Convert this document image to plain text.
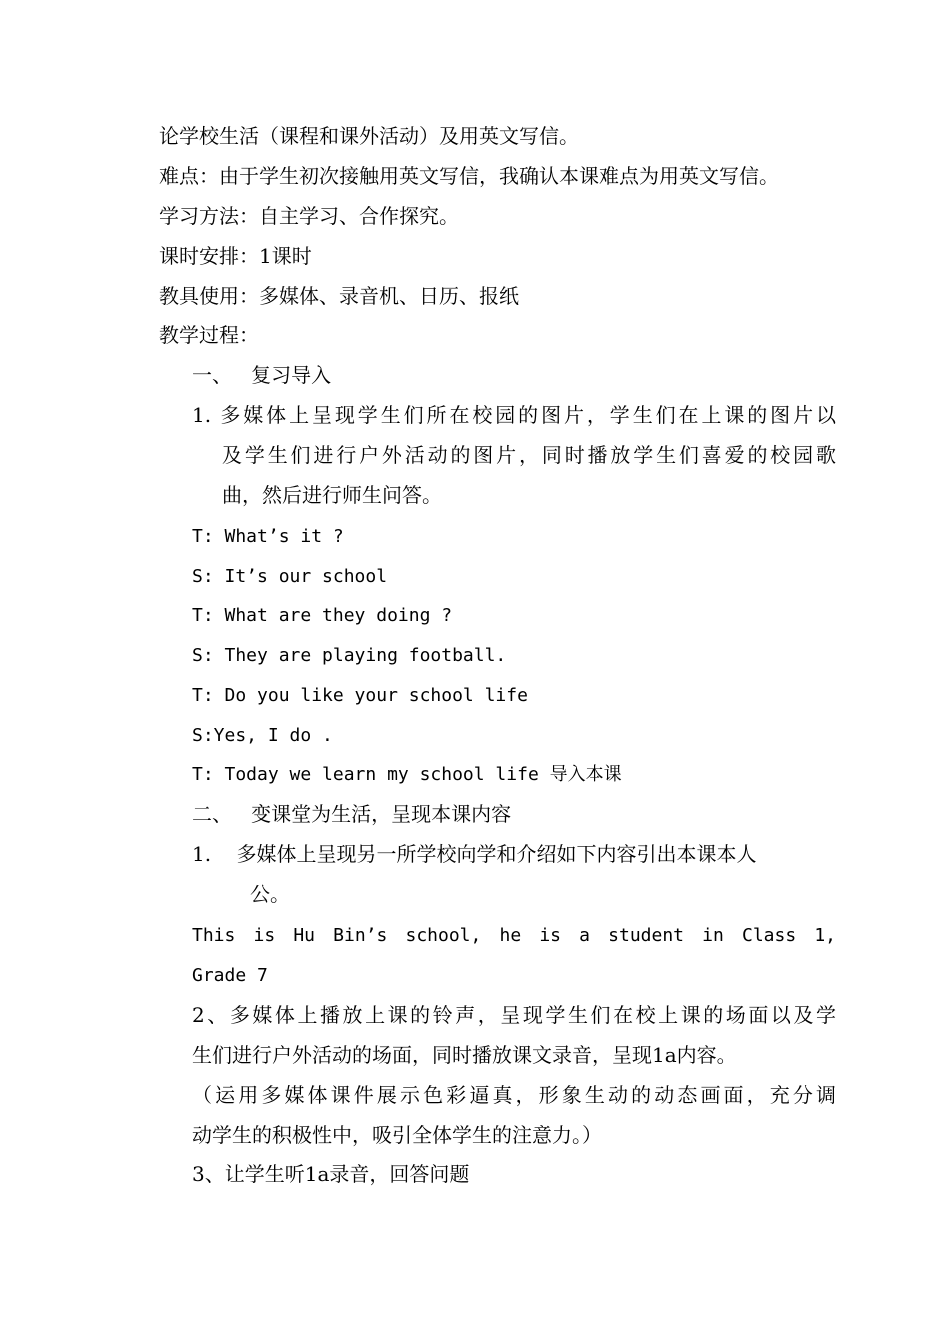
论学校生活（课程和课外活动）及用英文写信。
难点：由于学生初次接触用英文写信，我确认本课难点为用英文写信。
学习方法：自主学习、合作探究。
课时安排：1课时
教具使用：多媒体、录音机、日历、报纸
教学过程：
一、   复习导入
1. 多媒体上呈现学生们所在校园的图片，学生们在上课的图片以
及学生们进行户外活动的图片，同时播放学生们喜爱的校园歌
曲，然后进行师生问答。
T: What’s it ?
S: It’s our school
T: What are they doing ?
S: They are playing football.
T: Do you like your school life
S:Yes, I do .
T: Today we learn my school life 导入本课
二、   变课堂为生活，呈现本课内容
1.    多媒体上呈现另一所学校向学和介绍如下内容引出本课本人
公。
This is Hu Bin’s school, he is a student in Class 1,
Grade 7
2、多媒体上播放上课的铃声，呈现学生们在校上课的场面以及学
生们进行户外活动的场面，同时播放课文录音，呈现1a内容。
（运用多媒体课件展示色彩逼真，形象生动的动态画面，充分调
动学生的积极性中，吸引全体学生的注意力。）
3、让学生听1a录音，回答问题
